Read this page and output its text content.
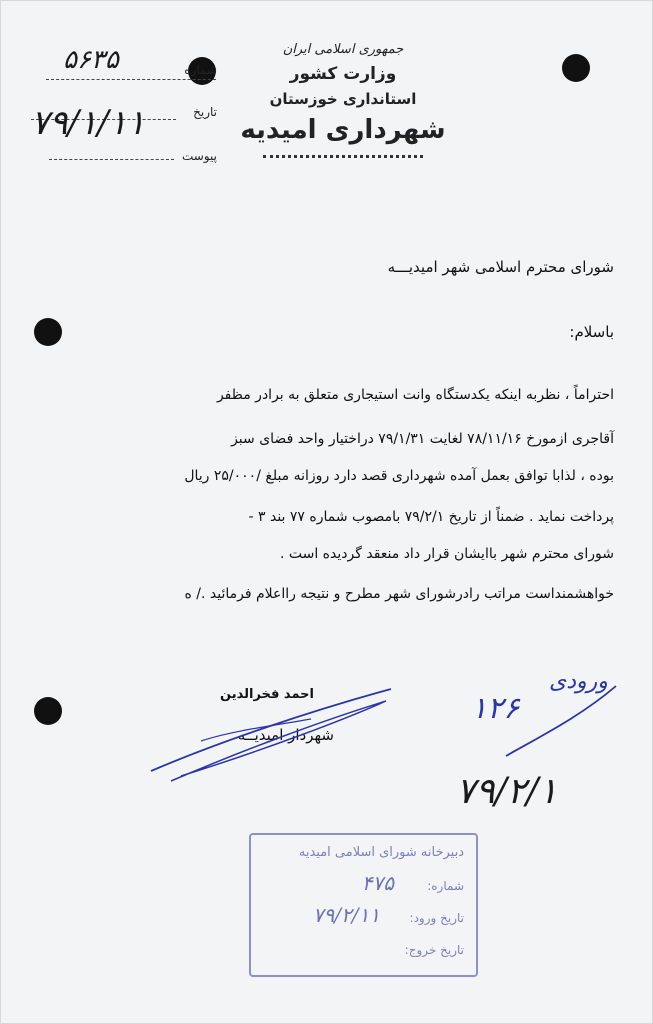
جمهوری اسلامی ایران
وزارت کشور
استانداری خوزستان
شهرداری امیدیه
شماره
۵۶۳۵
تاریخ
۷۹/۱/۱۱
پیوست
شورای محترم اسلامی شهر امیدیـــه
باسلام:
احتراماً ، نظربه اینکه یکدستگاه وانت استیجاری متعلق به برادر مظفر
آقاجری ازمورخ ۷۸/۱۱/۱۶ لغایت ۷۹/۱/۳۱ دراختیار واحد فضای سبز
بوده ، لذابا توافق بعمل آمده شهرداری قصد دارد روزانه مبلغ /۲۵/۰۰۰ ریال
پرداخت نماید . ضمناً از تاریخ ۷۹/۲/۱ بامصوب شماره ۷۷ بند ۳ -
شورای محترم شهر باایشان قرار داد منعقد گردیده است .
خواهشمنداست مراتب رادرشورای شهر مطرح و نتیجه رااعلام فرمائید ./ ه
احمد فخرالدین
شهردار امیدیــه
۱۲۶
ورودی
۷۹/۲/۱
دبیرخانه شورای اسلامی امیدیه
شماره:
۴۷۵
تاریخ ورود:
۷۹/۲/۱۱
تاریخ خروج:
